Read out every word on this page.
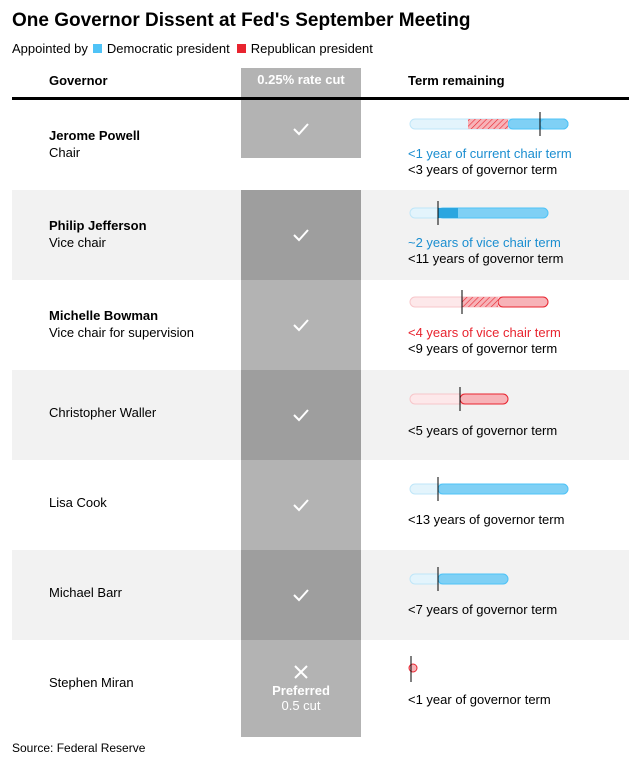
One Governor Dissent at Fed's September Meeting
Appointed by Democratic president Republican president
Governor	Term remaining
Jerome Powell
Chair
Philip Jefferson
Vice chair
Michelle Bowman
Vice chair for supervision
Christopher Waller
Lisa Cook
Michael Barr
Stephen Miran
0.25% rate cut
Preferred
0.5 cut
<1 year of current chair term
<3 years of governor term
~2 years of vice chair term
<11 years of governor term
<4 years of vice chair term
<9 years of governor term
<5 years of governor term
<13 years of governor term
<7 years of governor term
<1 year of governor term
Source: Federal Reserve
